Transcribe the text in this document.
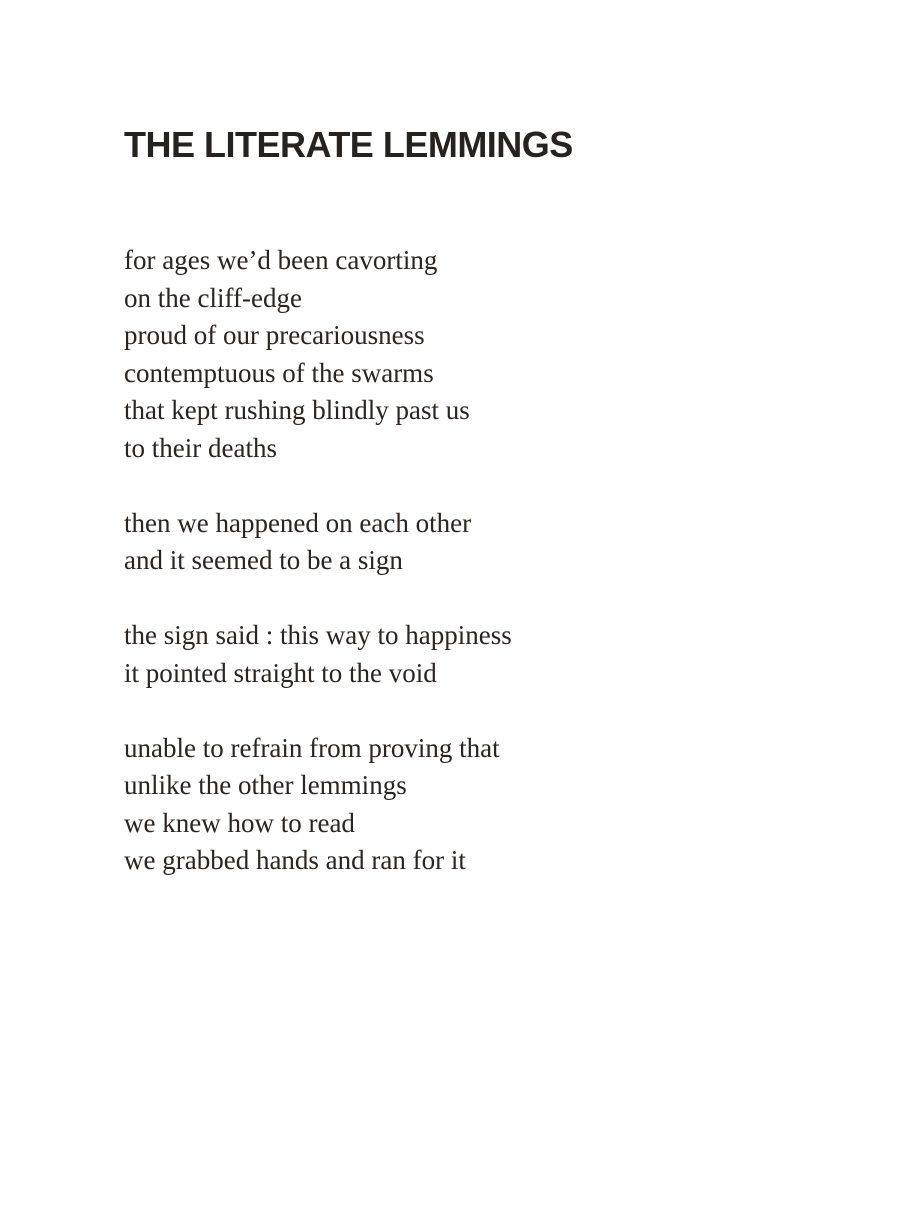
THE LITERATE LEMMINGS

for ages we’d been cavorting

on the cliff-edge

proud of our precariousness

contemptuous of the swarms

that kept rushing blindly past us

to their deaths

then we happened on each other

and it seemed to be a sign

the sign said : this way to happiness

it pointed straight to the void

unable to refrain from proving that

unlike the other lemmings

we knew how to read

we grabbed hands and ran for it
